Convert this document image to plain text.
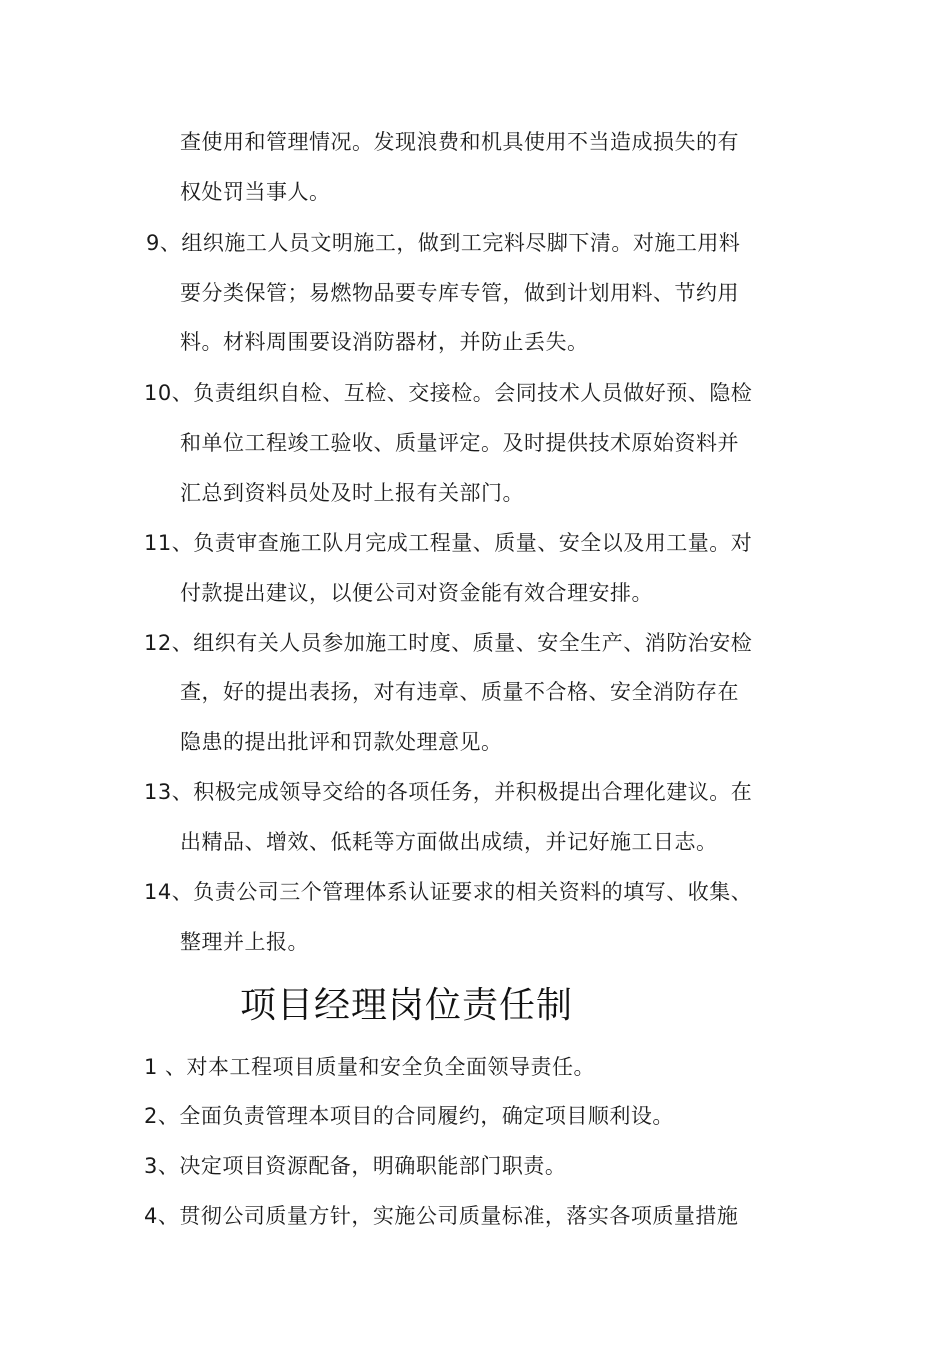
查使用和管理情况。发现浪费和机具使用不当造成损失的有
权处罚当事人。
9、组织施工人员文明施工，做到工完料尽脚下清。对施工用料
要分类保管；易燃物品要专库专管，做到计划用料、节约用
料。材料周围要设消防器材，并防止丢失。
10、负责组织自检、互检、交接检。会同技术人员做好预、隐检
和单位工程竣工验收、质量评定。及时提供技术原始资料并
汇总到资料员处及时上报有关部门。
11、负责审查施工队月完成工程量、质量、安全以及用工量。对
付款提出建议，以便公司对资金能有效合理安排。
12、组织有关人员参加施工时度、质量、安全生产、消防治安检
查，好的提出表扬，对有违章、质量不合格、安全消防存在
隐患的提出批评和罚款处理意见。
13、积极完成领导交给的各项任务，并积极提出合理化建议。在
出精品、增效、低耗等方面做出成绩，并记好施工日志。
14、负责公司三个管理体系认证要求的相关资料的填写、收集、
整理并上报。
项目经理岗位责任制
1 、对本工程项目质量和安全负全面领导责任。
2、全面负责管理本项目的合同履约，确定项目顺利设。
3、决定项目资源配备，明确职能部门职责。
4、贯彻公司质量方针，实施公司质量标准，落实各项质量措施
